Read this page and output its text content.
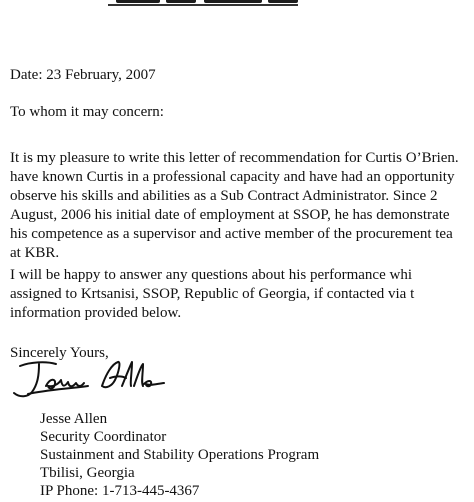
Date: 23 February, 2007
To whom it may concern:
It is my pleasure to write this letter of recommendation for Curtis O’Brien.
have known Curtis in a professional capacity and have had an opportunity
observe his skills and abilities as a Sub Contract Administrator. Since 2
August, 2006 his initial date of employment at SSOP, he has demonstrate
his competence as a supervisor and active member of the procurement tea
at KBR.
I will be happy to answer any questions about his performance whi
assigned to Krtsanisi, SSOP, Republic of Georgia, if contacted via t
information provided below.
Sincerely Yours,
Jesse Allen
Security Coordinator
Sustainment and Stability Operations Program
Tbilisi, Georgia
IP Phone: 1-713-445-4367
